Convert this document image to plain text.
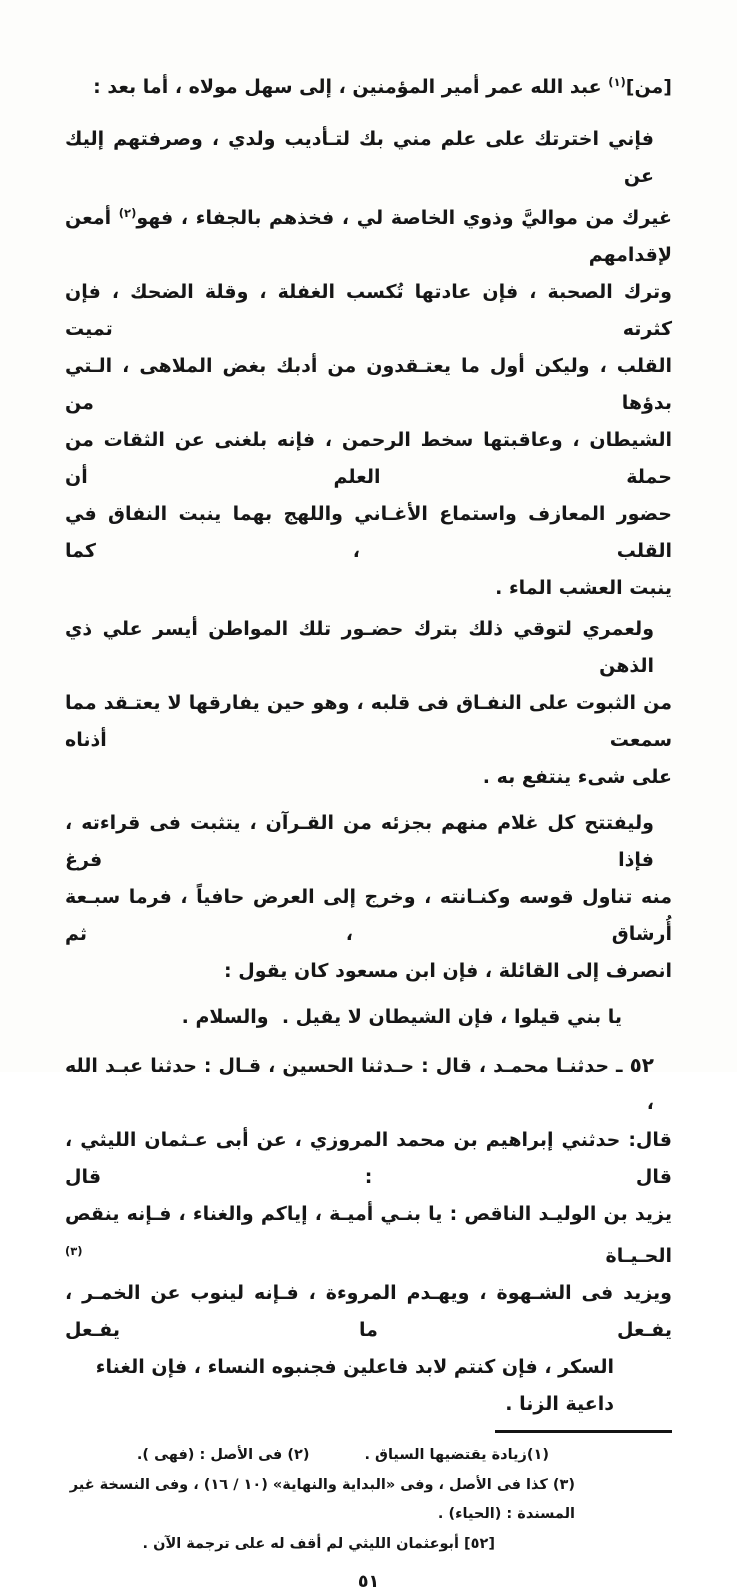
[من]$^{(١)}$ عبد الله عمر أمير المؤمنين ، إلى سهل مولاه ، أما بعد :

فإني اخترتك على علم مني بك لتـأديب ولدي ، وصرفتهم إليك عن

غيرك من مواليَّ وذوي الخاصة لي ، فخذهم بالجفاء ، فهو$^{(٢)}$ أمعن لإقدامهم

وترك الصحبة ، فإن عادتها تُكسب الغفلة ، وقلة الضحك ، فإن كثرته تميت

القلب ، وليكن أول ما يعتـقدون من أدبك بغض الملاهى ، الـتي بدؤها من

الشيطان ، وعاقبتها سخط الرحمن ، فإنه بلغنى عن الثقات من حملة العلم أن

حضور المعازف واستماع الأغـاني واللهج بهما ينبت النفاق في القلب ، كما

ينبت العشب الماء .

ولعمري لتوقي ذلك بترك حضـور تلك المواطن أيسر علي ذي الذهن

من الثبوت على النفـاق فى قلبه ، وهو حين يفارقها لا يعتـقد مما سمعت أذناه

على شىء ينتفع به .

وليفتتح كل غلام منهم بجزئه من القـرآن ، يتثبت فى قراءته ، فإذا فرغ

منه تناول قوسه وكنـانته ، وخرج إلى العرض حافياً ، فرما سبـعة أُرشاق ، ثم

انصرف إلى القائلة ، فإن ابن مسعود كان يقول :

يا بني قيلوا ، فإن الشيطان لا يقيل .  والسلام .

٥٢ ـ حدثنـا محمـد ، قال : حـدثنا الحسين ، قـال : حدثنا عبـد الله ،

قال: حدثني إبراهيم بن محمد المروزي ، عن أبى عـثمان الليثي ، قال : قال

يزيد بن الوليـد الناقص : يا بنـي أميـة ، إياكم والغناء ، فـإنه ينقص الحـيـاة $^{(٣)}$

ويزيد فى الشـهوة ، ويهـدم المروءة ، فـإنه لينوب عن الخمـر ، يفـعل ما يفـعل

السكر ، فإن كنتم لابد فاعلين فجنبوه النساء ، فإن الغناء داعية الزنا .

(١)زيادة يقتضيها السياق .
(٢) فى الأصل : (فهى ).
(٣) كذا فى الأصل ، وفى «البداية والنهاية» (١٠ / ١٦) ، وفى النسخة غير المسندة : (الحياء) .
[٥٢] أبوعثمان الليثي لم أقف له على ترجمة الآن .
٥١
